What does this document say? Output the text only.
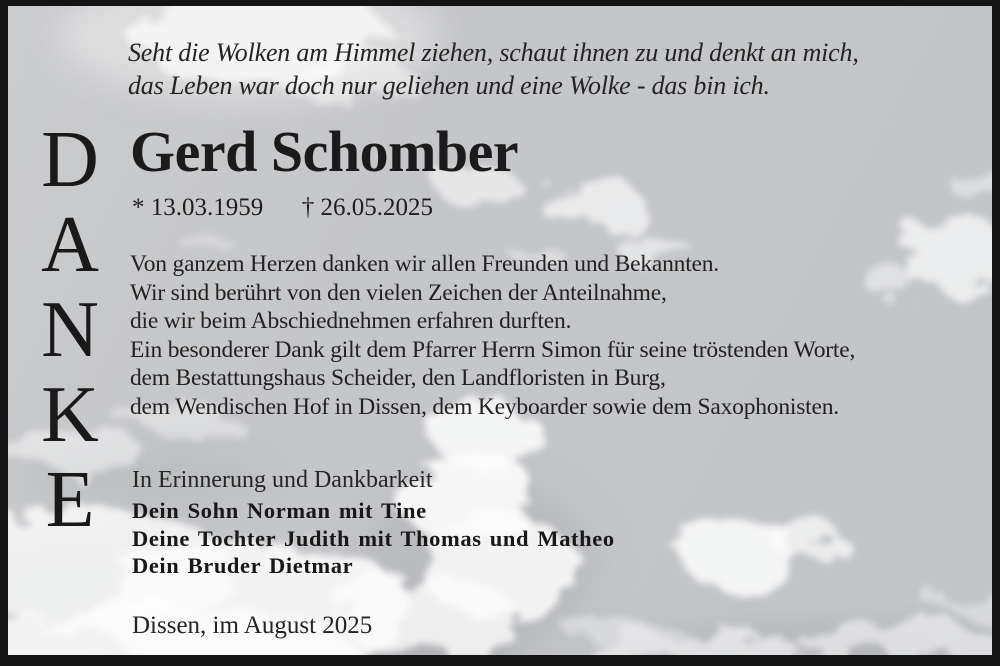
Seht die Wolken am Himmel ziehen, schaut ihnen zu und denkt an mich,
das Leben war doch nur geliehen und eine Wolke - das bin ich.
D
A
N
K
E
Gerd Schomber
* 13.03.1959 † 26.05.2025
Von ganzem Herzen danken wir allen Freunden und Bekannten.
Wir sind berührt von den vielen Zeichen der Anteilnahme,
die wir beim Abschiednehmen erfahren durften.
Ein besonderer Dank gilt dem Pfarrer Herrn Simon für seine tröstenden Worte,
dem Bestattungshaus Scheider, den Landfloristen in Burg,
dem Wendischen Hof in Dissen, dem Keyboarder sowie dem Saxophonisten.
In Erinnerung und Dankbarkeit
Dein Sohn Norman mit Tine
Deine Tochter Judith mit Thomas und Matheo
Dein Bruder Dietmar
Dissen, im August 2025
